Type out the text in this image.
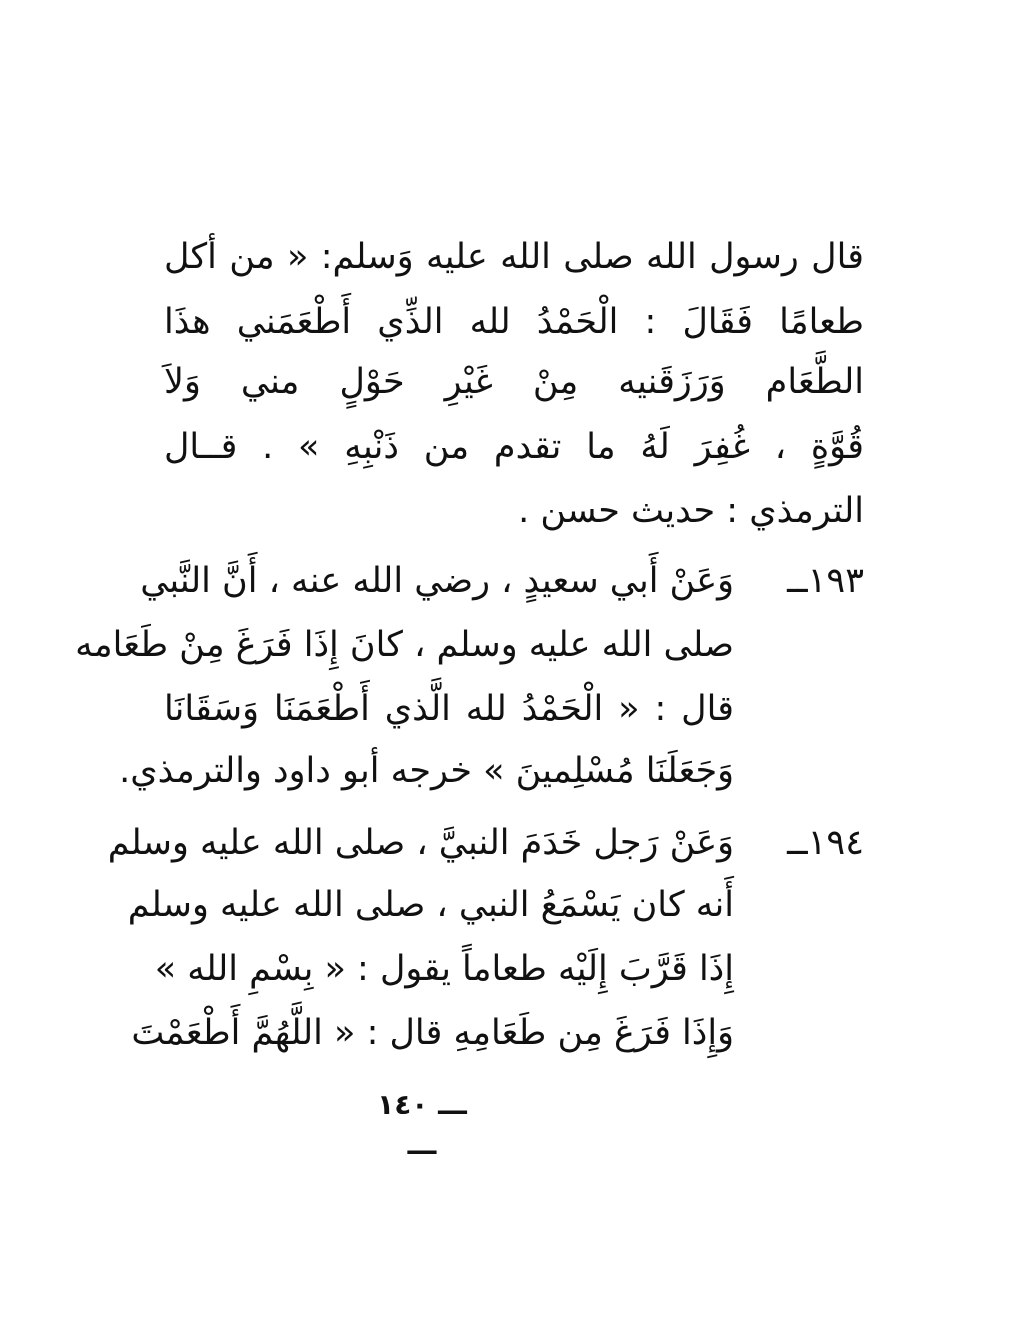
قال رسول الله صلى الله عليه وَسلم: « من أكل
طعامًا فَقَالَ : الْحَمْدُ لله الذِّي أَطْعَمَني هذَا
الطَّعَام وَرَزَقَنيه مِنْ غَيْرِ حَوْلٍ مني وَلاَ
قُوَّةٍ ، غُفِرَ لَهُ ما تقدم من ذَنْبِهِ » . قــال
الترمذي : حديث حسن .
١٩٣ــ
وَعَنْ أَبي سعيدٍ ، رضي الله عنه ، أَنَّ النَّبي
صلى الله عليه وسلم ، كانَ إِذَا فَرَغَ مِنْ طَعَامه
قال : « الْحَمْدُ لله الَّذي أَطْعَمَنَا وَسَقَانَا
وَجَعَلَنَا مُسْلِمينَ » خرجه أبو داود والترمذي.
١٩٤ــ
وَعَنْ رَجل خَدَمَ النبيَّ ، صلى الله عليه وسلم
أَنه كان يَسْمَعُ النبي ، صلى الله عليه وسلم
إِذَا قَرَّبَ إِلَيْه طعاماً يقول : « بِسْمِ الله »
وَإِذَا فَرَغَ مِن طَعَامِهِ قال : « اللَّهُمَّ أَطْعَمْتَ
ـــ ١٤٠ ـــ
